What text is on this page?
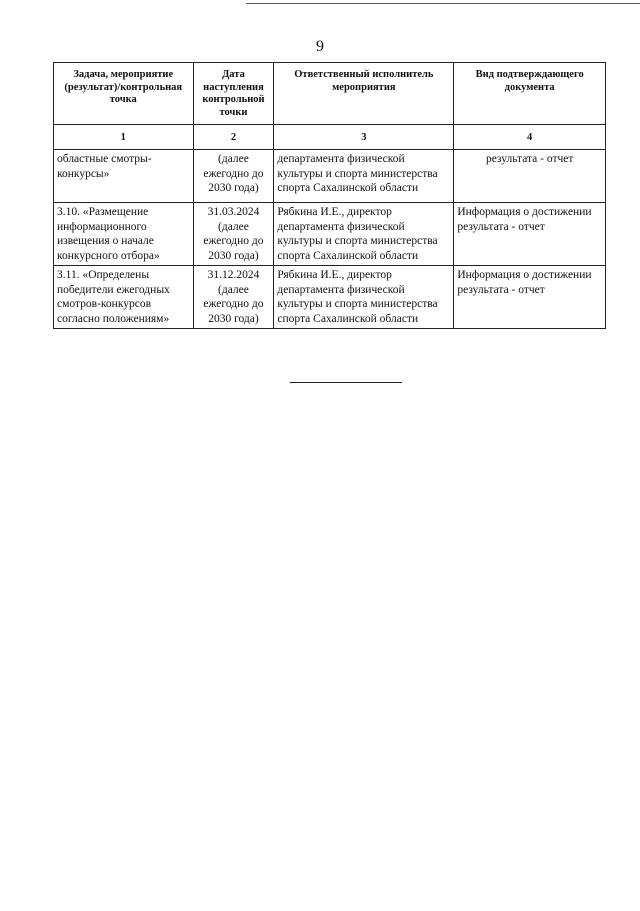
9
Задача, мероприятие (результат)/контрольная точка	Дата наступления контрольной точки	Ответственный исполнитель мероприятия	Вид подтверждающего документа
1	2	3	4
областные смотры-конкурсы»	(далее ежегодно до 2030 года)	департамента физической культуры и спорта министерства спорта Сахалинской области	результата - отчет
3.10. «Размещение информационного извещения о начале конкурсного отбора»	31.03.2024 (далее ежегодно до 2030 года)	Рябкина И.Е., директор департамента физической культуры и спорта министерства спорта Сахалинской области	Информация о достижении результата - отчет
3.11. «Определены победители ежегодных смотров-конкурсов согласно положениям»	31.12.2024 (далее ежегодно до 2030 года)	Рябкина И.Е., директор департамента физической культуры и спорта министерства спорта Сахалинской области	Информация о достижении результата - отчет
